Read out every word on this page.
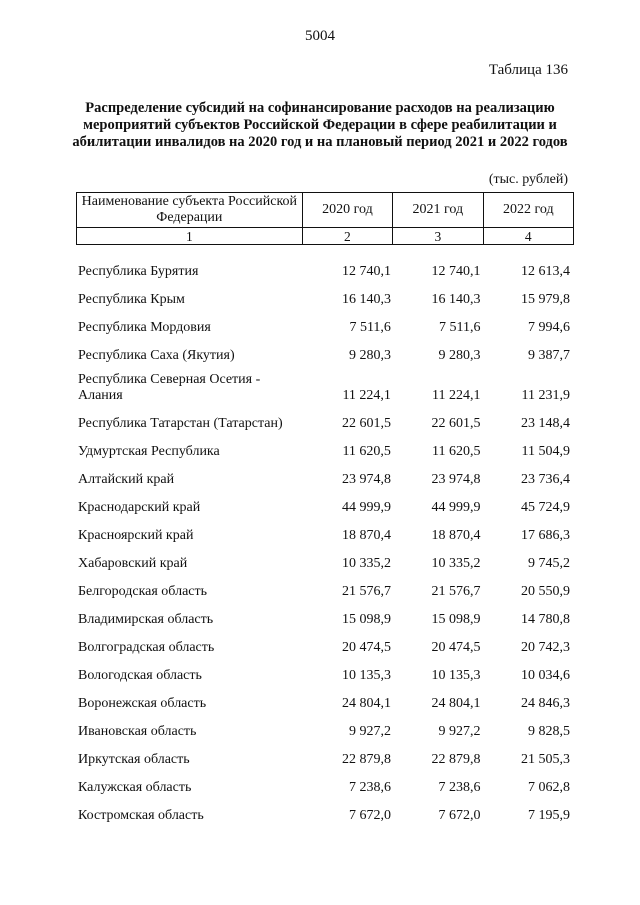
5004
Таблица 136
Распределение субсидий на софинансирование расходов на реализацию мероприятий субъектов Российской Федерации в сфере реабилитации и абилитации инвалидов на 2020 год и на плановый период 2021 и 2022 годов
(тыс. рублей)
Наименование субъекта Российской Федерации	2020 год	2021 год	2022 год
1	2	3	4
Республика Бурятия	12 740,1	12 740,1	12 613,4
Республика Крым	16 140,3	16 140,3	15 979,8
Республика Мордовия	7 511,6	7 511,6	7 994,6
Республика Саха (Якутия)	9 280,3	9 280,3	9 387,7
Республика Северная Осетия - Алания	11 224,1	11 224,1	11 231,9
Республика Татарстан (Татарстан)	22 601,5	22 601,5	23 148,4
Удмуртская Республика	11 620,5	11 620,5	11 504,9
Алтайский край	23 974,8	23 974,8	23 736,4
Краснодарский край	44 999,9	44 999,9	45 724,9
Красноярский край	18 870,4	18 870,4	17 686,3
Хабаровский край	10 335,2	10 335,2	9 745,2
Белгородская область	21 576,7	21 576,7	20 550,9
Владимирская область	15 098,9	15 098,9	14 780,8
Волгоградская область	20 474,5	20 474,5	20 742,3
Вологодская область	10 135,3	10 135,3	10 034,6
Воронежская область	24 804,1	24 804,1	24 846,3
Ивановская область	9 927,2	9 927,2	9 828,5
Иркутская область	22 879,8	22 879,8	21 505,3
Калужская область	7 238,6	7 238,6	7 062,8
Костромская область	7 672,0	7 672,0	7 195,9
